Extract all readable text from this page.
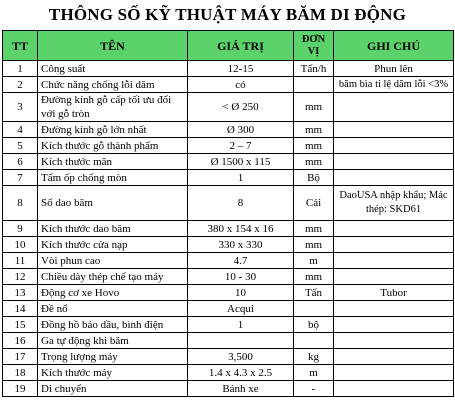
THÔNG SỐ KỸ THUẬT MÁY BĂM DI ĐỘNG
TT	TÊN	GIÁ TRỊ	ĐƠN VỊ	GHI CHÚ
1	Công suất	12-15	Tấn/h	Phun lên
2	Chức năng chống lỗi dăm	có		băm bìa tỉ lệ dăm lỗi <3%
3	Đường kính gỗ cấp tối ưu đối với gỗ tròn	< Ø 250	mm	
4	Đường kính gỗ lớn nhất	Ø 300	mm	
5	Kích thước gỗ thành phẩm	2 – 7	mm	
6	Kích thước mân	Ø 1500 x 115	mm	
7	Tấm ốp chống mòn	1	Bộ	
8	Số dao băm	8	Cái	DaoUSA nhập khẩu; Mác thép: SKD61
9	Kích thước dao băm	380 x 154 x 16	mm	
10	Kích thước cửa nạp	330 x 330	mm	
11	Vòi phun cao	4.7	m	
12	Chiều dày thép chế tạo máy	10 - 30	mm	
13	Động cơ xe Hovo	10	Tấn	Tubor
14	Đề nổ	Acqui		
15	Đồng hồ báo dầu, bình điện	1	bộ	
16	Ga tự động khi băm			
17	Trọng lượng máy	3,500	kg	
18	Kích thước máy	1.4 x 4.3 x 2.5	m	
19	Di chuyển	Bánh xe	-	
